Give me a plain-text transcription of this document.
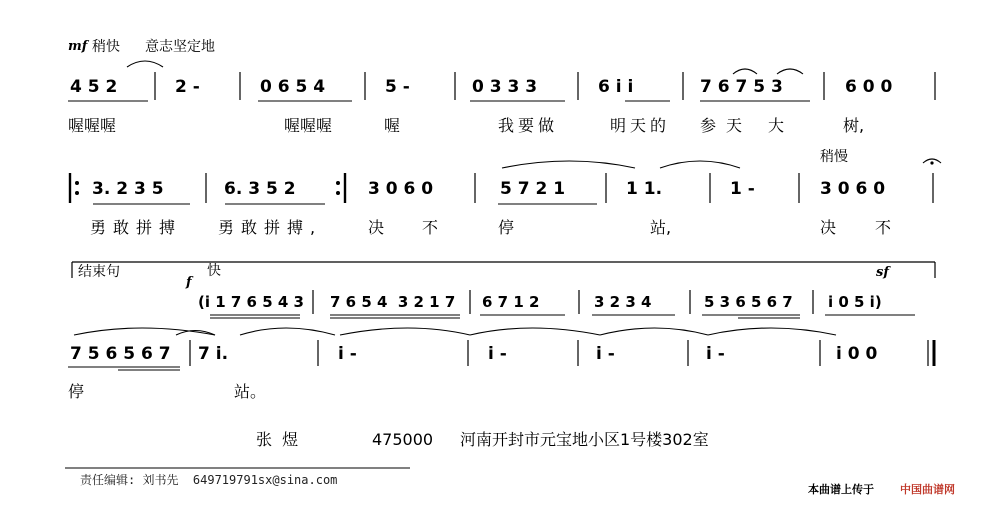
mf 稍快 意志坚定地
4 5 2	2 -	0 6 5 4	5 -	0 3 3 3	6 i i	7 6 7 5 3	6 0 0
喔喔喔	喔喔喔	喔	我要做	明天的 参天 大	树,
稍慢
3. 2 3 5	6. 3 5 2	3 0 6 0	5 7 2 1	1 1.	1 -	3 0 6 0
勇敢拼搏 勇敢拼搏,	决 不	停	站,	决 不
结束句
f
快	sf
(i 1 7 6 5 4 3 7 6 5 4  3 2 1 7 6 7 1 2	3 2 3 4	5 3 6 5 6 7 i 0 5 i)
7 5 6 5 6 7 7 i.	i -	i -	i -	i -	i 0 0
停	站。
张  煜	475000 河南开封市元宝地小区1号楼302室
责任编辑: 刘书先  649719791sx@sina.com
本曲谱上传于 中国曲谱网
